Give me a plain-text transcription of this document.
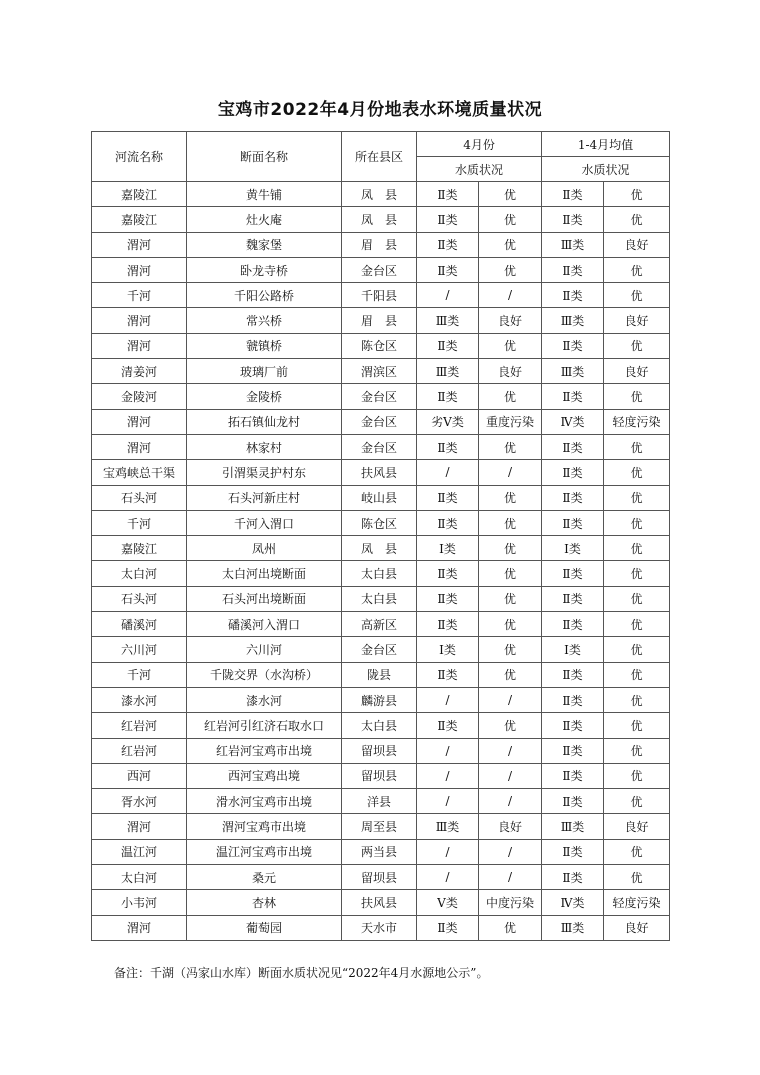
宝鸡市2022年4月份地表水环境质量状况
河流名称	断面名称	所在县区	4月份		1-4月均值	
			水质状况		水质状况	
嘉陵江	黄牛铺	凤　县	Ⅱ类	优	Ⅱ类	优
嘉陵江	灶火庵	凤　县	Ⅱ类	优	Ⅱ类	优
渭河	魏家堡	眉　县	Ⅱ类	优	Ⅲ类	良好
渭河	卧龙寺桥	金台区	Ⅱ类	优	Ⅱ类	优
千河	千阳公路桥	千阳县	/	/	Ⅱ类	优
渭河	常兴桥	眉　县	Ⅲ类	良好	Ⅲ类	良好
渭河	虢镇桥	陈仓区	Ⅱ类	优	Ⅱ类	优
清姜河	玻璃厂前	渭滨区	Ⅲ类	良好	Ⅲ类	良好
金陵河	金陵桥	金台区	Ⅱ类	优	Ⅱ类	优
渭河	拓石镇仙龙村	金台区	劣Ⅴ类	重度污染	Ⅳ类	轻度污染
渭河	林家村	金台区	Ⅱ类	优	Ⅱ类	优
宝鸡峡总干渠	引渭渠灵护村东	扶风县	/	/	Ⅱ类	优
石头河	石头河新庄村	岐山县	Ⅱ类	优	Ⅱ类	优
千河	千河入渭口	陈仓区	Ⅱ类	优	Ⅱ类	优
嘉陵江	凤州	凤　县	Ⅰ类	优	Ⅰ类	优
太白河	太白河出境断面	太白县	Ⅱ类	优	Ⅱ类	优
石头河	石头河出境断面	太白县	Ⅱ类	优	Ⅱ类	优
磻溪河	磻溪河入渭口	高新区	Ⅱ类	优	Ⅱ类	优
六川河	六川河	金台区	Ⅰ类	优	Ⅰ类	优
千河	千陇交界（水沟桥）	陇县	Ⅱ类	优	Ⅱ类	优
漆水河	漆水河	麟游县	/	/	Ⅱ类	优
红岩河	红岩河引红济石取水口	太白县	Ⅱ类	优	Ⅱ类	优
红岩河	红岩河宝鸡市出境	留坝县	/	/	Ⅱ类	优
西河	西河宝鸡出境	留坝县	/	/	Ⅱ类	优
胥水河	滑水河宝鸡市出境	洋县	/	/	Ⅱ类	优
渭河	渭河宝鸡市出境	周至县	Ⅲ类	良好	Ⅲ类	良好
温江河	温江河宝鸡市出境	两当县	/	/	Ⅱ类	优
太白河	桑元	留坝县	/	/	Ⅱ类	优
小韦河	杏林	扶风县	Ⅴ类	中度污染	Ⅳ类	轻度污染
渭河	葡萄园	天水市	Ⅱ类	优	Ⅲ类	良好
备注：千湖（冯家山水库）断面水质状况见“2022年4月水源地公示”。
